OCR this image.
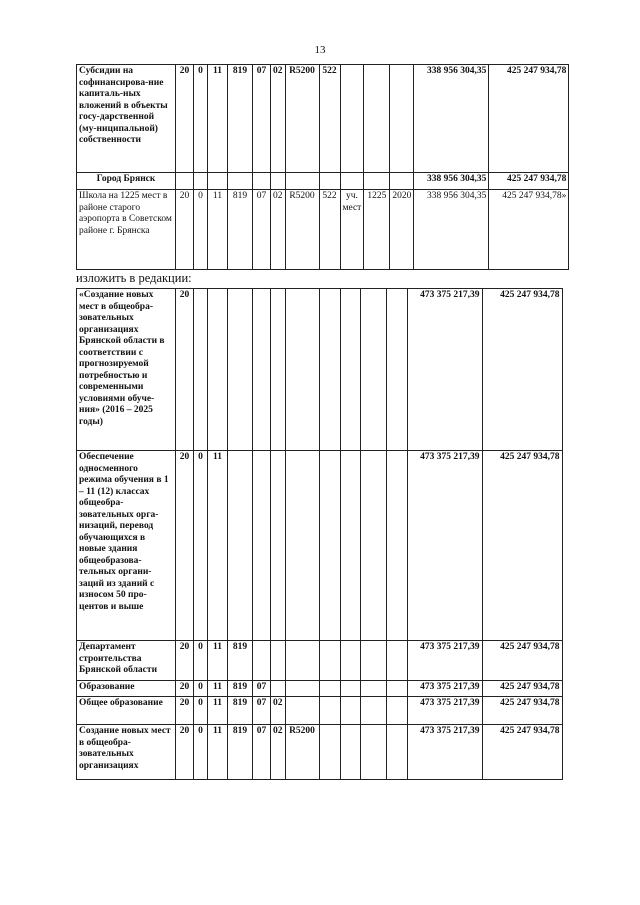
13
Субсидии на софинансирова-ние капиталь-ных вложений в объекты госу-дарственной (му-ниципальной) собственности	20	0	11	819	07	02	R5200	522				338 956 304,35	425 247 934,78
Город Брянск												338 956 304,35	425 247 934,78
Школа на 1225 мест в районе старого аэропорта в Советском районе г. Брянска	20	0	11	819	07	02	R5200	522	уч. мест	1225	2020	338 956 304,35	425 247 934,78»
изложить в редакции:
«Создание новых мест в общеобра-зовательных организациях Брянской области в соответствии с прогнозируемой потребностью и современными условиями обуче-ния» (2016 – 2025 годы)	20											473 375 217,39	425 247 934,78
Обеспечение односменного режима обучения в 1 – 11 (12) классах общеобра-зовательных орга-низаций, перевод обучающихся в новые здания общеобразова-тельных органи-заций из зданий с износом 50 про-центов и выше	20	0	11									473 375 217,39	425 247 934,78
Департамент строительства Брянской области	20	0	11	819								473 375 217,39	425 247 934,78
Образование	20	0	11	819	07							473 375 217,39	425 247 934,78
Общее образование	20	0	11	819	07	02						473 375 217,39	425 247 934,78
Создание новых мест в общеобра-зовательных организациях	20	0	11	819	07	02	R5200					473 375 217,39	425 247 934,78
